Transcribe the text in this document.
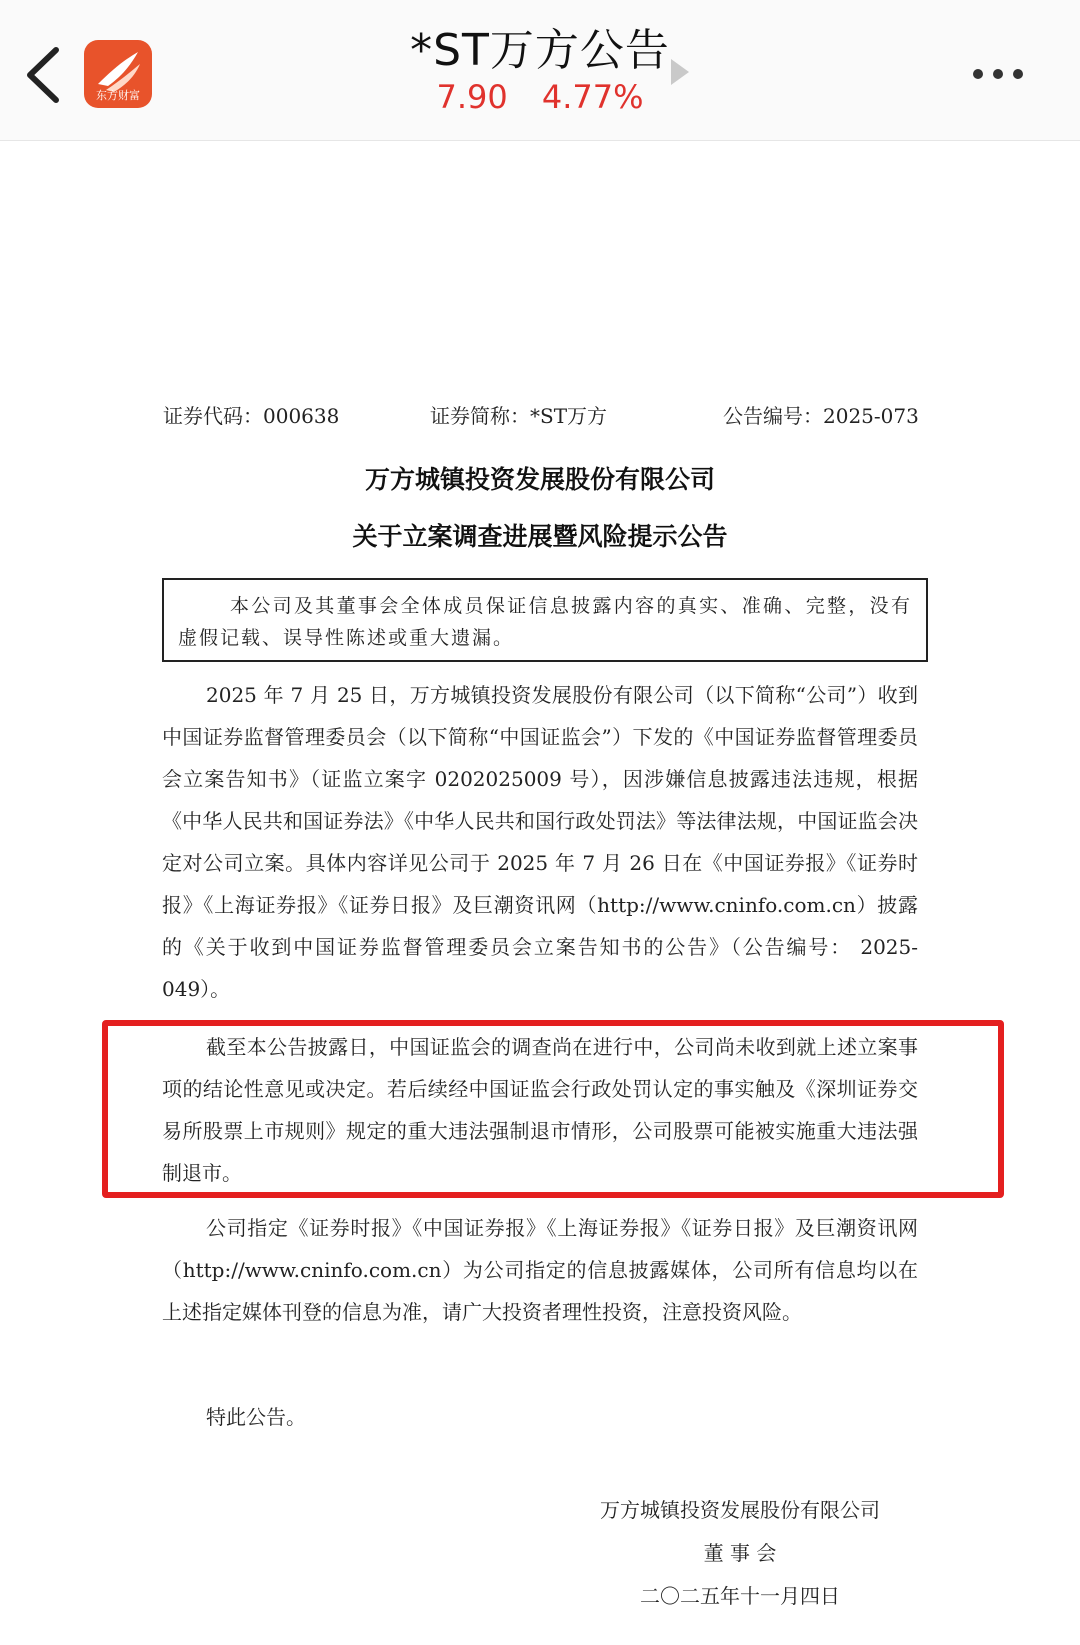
东方财富
*ST万方公告
7.90 4.77%
证券代码：000638	证券简称：*ST万方	公告编号：2025-073
万方城镇投资发展股份有限公司
关于立案调查进展暨风险提示公告

本公司及其董事会全体成员保证信息披露内容的真实、准确、完整，没有虚假记载、误导性陈述或重大遗漏。

2025 年 7 月 25 日，万方城镇投资发展股份有限公司（以下简称“公司”）收到中国证券监督管理委员会（以下简称“中国证监会”）下发的《中国证券监督管理委员会立案告知书》（证监立案字 0202025009 号），因涉嫌信息披露违法违规，根据《中华人民共和国证券法》《中华人民共和国行政处罚法》等法律法规，中国证监会决定对公司立案。具体内容详见公司于 2025 年 7 月 26 日在《中国证券报》《证券时报》《上海证券报》《证券日报》及巨潮资讯网（http://www.cninfo.com.cn）披露的《关于收到中国证券监督管理委员会立案告知书的公告》（公告编号： 2025-049）。

截至本公告披露日，中国证监会的调查尚在进行中，公司尚未收到就上述立案事项的结论性意见或决定。若后续经中国证监会行政处罚认定的事实触及《深圳证券交易所股票上市规则》规定的重大违法强制退市情形，公司股票可能被实施重大违法强制退市。

公司指定《证券时报》《中国证券报》《上海证券报》《证券日报》及巨潮资讯网（http://www.cninfo.com.cn）为公司指定的信息披露媒体，公司所有信息均以在上述指定媒体刊登的信息为准，请广大投资者理性投资，注意投资风险。

特此公告。

万方城镇投资发展股份有限公司
董 事 会
二〇二五年十一月四日
